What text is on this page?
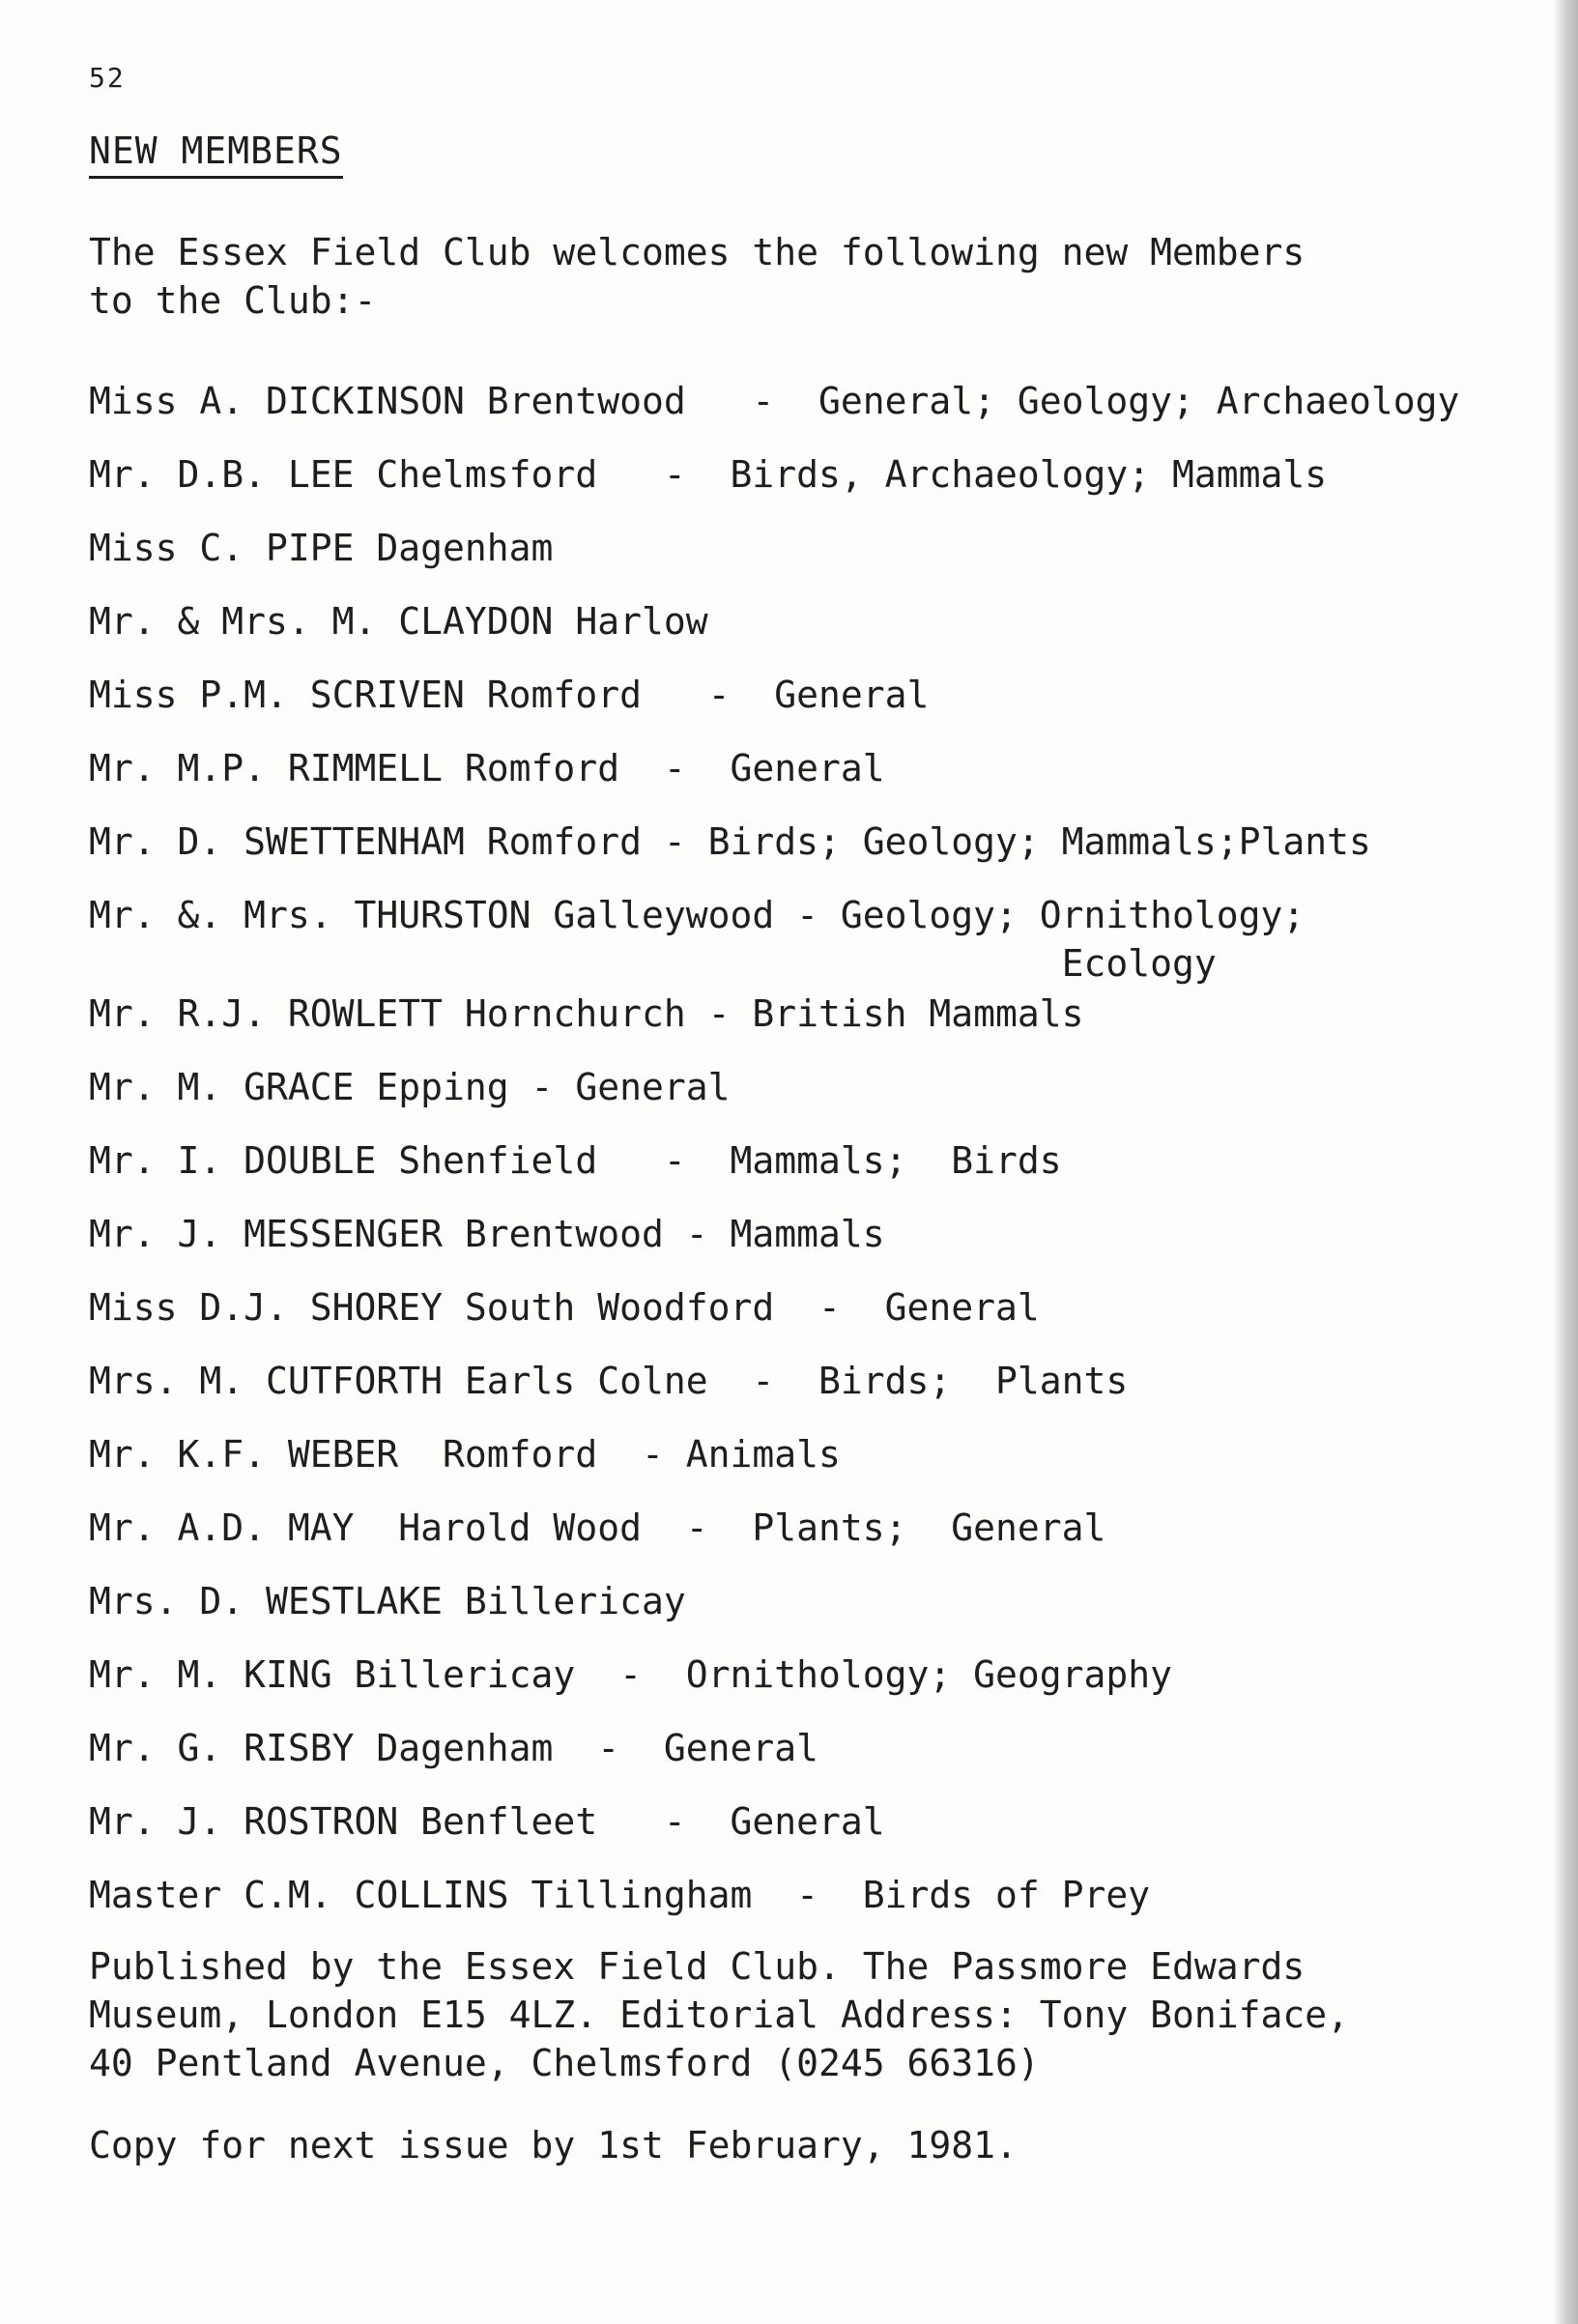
52
NEW MEMBERS
The Essex Field Club welcomes the following new Members
to the Club:-
Miss A. DICKINSON Brentwood   -  General; Geology; Archaeology
Mr. D.B. LEE Chelmsford   -  Birds, Archaeology; Mammals
Miss C. PIPE Dagenham
Mr. & Mrs. M. CLAYDON Harlow
Miss P.M. SCRIVEN Romford   -  General
Mr. M.P. RIMMELL Romford  -  General
Mr. D. SWETTENHAM Romford - Birds; Geology; Mammals;Plants
Mr. &. Mrs. THURSTON Galleywood - Geology; Ornithology;
Ecology
Mr. R.J. ROWLETT Hornchurch - British Mammals
Mr. M. GRACE Epping - General
Mr. I. DOUBLE Shenfield   -  Mammals;  Birds
Mr. J. MESSENGER Brentwood - Mammals
Miss D.J. SHOREY South Woodford  -  General
Mrs. M. CUTFORTH Earls Colne  -  Birds;  Plants
Mr. K.F. WEBER  Romford  - Animals
Mr. A.D. MAY  Harold Wood  -  Plants;  General
Mrs. D. WESTLAKE Billericay
Mr. M. KING Billericay  -  Ornithology; Geography
Mr. G. RISBY Dagenham  -  General
Mr. J. ROSTRON Benfleet   -  General
Master C.M. COLLINS Tillingham  -  Birds of Prey
Published by the Essex Field Club. The Passmore Edwards
Museum, London E15 4LZ. Editorial Address: Tony Boniface,
40 Pentland Avenue, Chelmsford (0245 66316)
Copy for next issue by 1st February, 1981.
